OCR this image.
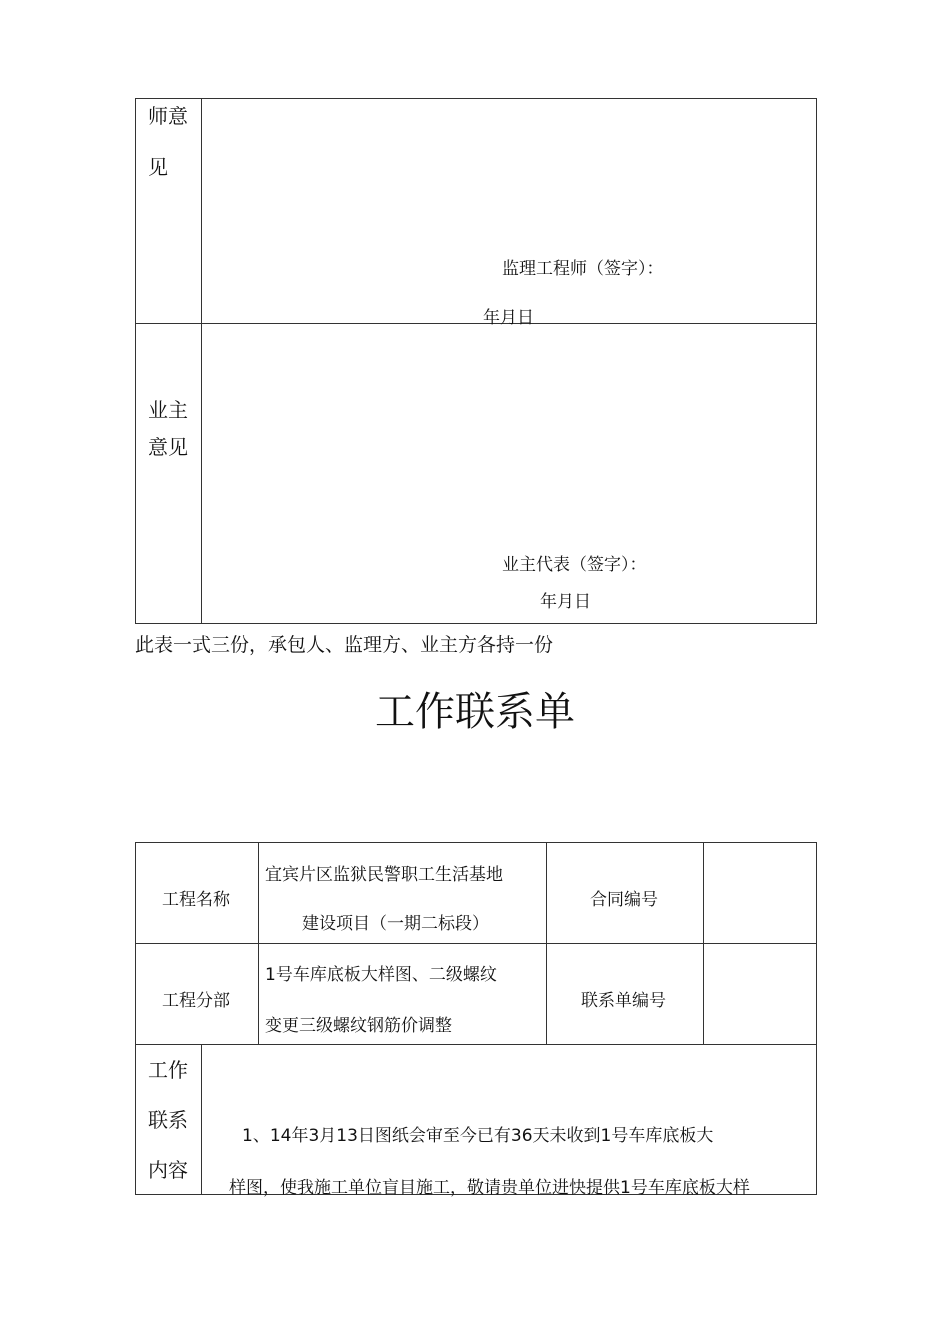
师意
见
监理工程师（签字）：
年月日
业主
意见
业主代表（签字）：
年月日
此表一式三份，承包人、监理方、业主方各持一份
工作联系单
工程名称
宜宾片区监狱民警职工生活基地
建设项目（一期二标段）
合同编号
工程分部
1号车库底板大样图、二级螺纹
变更三级螺纹钢筋价调整
联系单编号
工作
联系
内容
1、14年3月13日图纸会审至今已有36天未收到1号车库底板大
样图，使我施工单位盲目施工，敬请贵单位进快提供1号车库底板大样
